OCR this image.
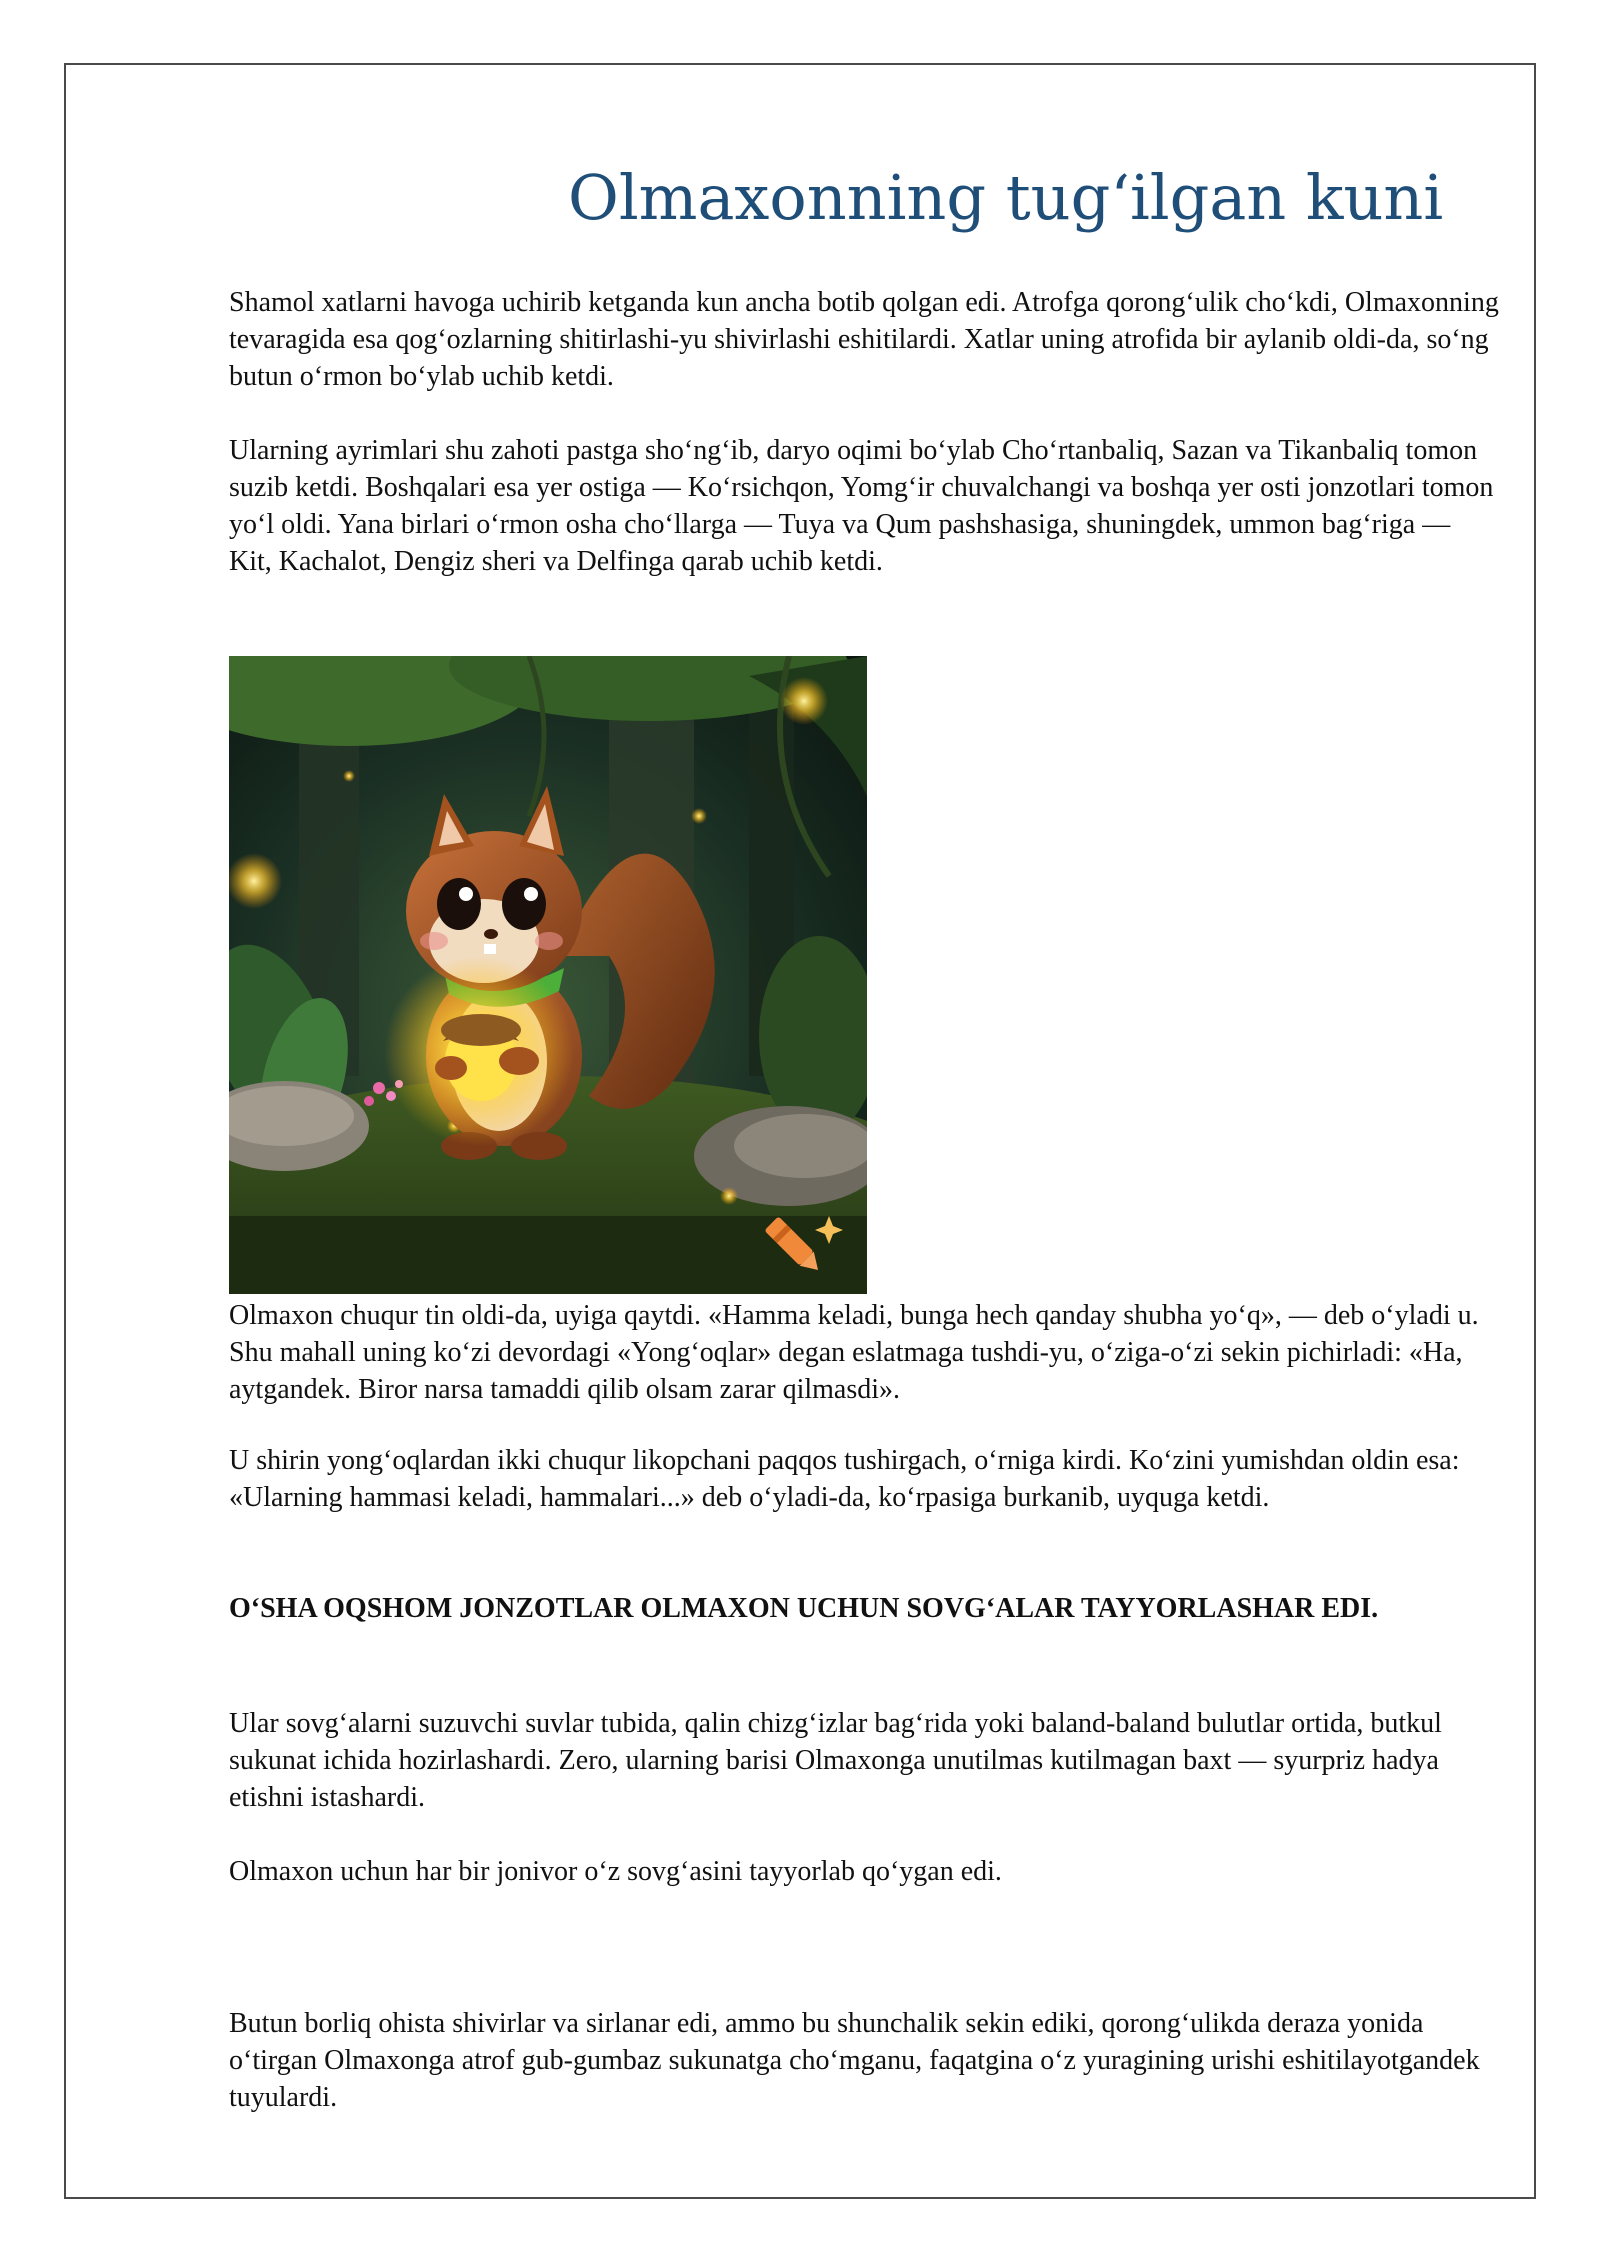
Olmaxonning tug‘ilgan kuni

Shamol xatlarni havoga uchirib ketganda kun ancha botib qolgan edi. Atrofga qorong‘ulik cho‘kdi, Olmaxonning tevaragida esa qog‘ozlarning shitirlashi-yu shivirlashi eshitilardi. Xatlar uning atrofida bir aylanib oldi-da, so‘ng butun o‘rmon bo‘ylab uchib ketdi.

Ularning ayrimlari shu zahoti pastga sho‘ng‘ib, daryo oqimi bo‘ylab Cho‘rtanbaliq, Sazan va Tikanbaliq tomon suzib ketdi. Boshqalari esa yer ostiga — Ko‘rsichqon, Yomg‘ir chuvalchangi va boshqa yer osti jonzotlari tomon yo‘l oldi. Yana birlari o‘rmon osha cho‘llarga — Tuya va Qum pashshasiga, shuningdek, ummon bag‘riga — Kit, Kachalot, Dengiz sheri va Delfinga qarab uchib ketdi.

Olmaxon chuqur tin oldi-da, uyiga qaytdi. «Hamma keladi, bunga hech qanday shubha yo‘q», — deb o‘yladi u. Shu mahall uning ko‘zi devordagi «Yong‘oqlar» degan eslatmaga tushdi-yu, o‘ziga-o‘zi sekin pichirladi: «Ha, aytgandek. Biror narsa tamaddi qilib olsam zarar qilmasdi».

U shirin yong‘oqlardan ikki chuqur likopchani paqqos tushirgach, o‘rniga kirdi. Ko‘zini yumishdan oldin esa: «Ularning hammasi keladi, hammalari...» deb o‘yladi-da, ko‘rpasiga burkanib, uyquga ketdi.

O‘SHA OQSHOM JONZOTLAR OLMAXON UCHUN SOVG‘ALAR TAYYORLASHAR EDI.

Ular sovg‘alarni suzuvchi suvlar tubida, qalin chizg‘izlar bag‘rida yoki baland-baland bulutlar ortida, butkul sukunat ichida hozirlashardi. Zero, ularning barisi Olmaxonga unutilmas kutilmagan baxt — syurpriz hadya etishni istashardi.

Olmaxon uchun har bir jonivor o‘z sovg‘asini tayyorlab qo‘ygan edi.

Butun borliq ohista shivirlar va sirlanar edi, ammo bu shunchalik sekin ediki, qorong‘ulikda deraza yonida o‘tirgan Olmaxonga atrof gub-gumbaz sukunatga cho‘mganu, faqatgina o‘z yuragining urishi eshitilayotgandek tuyulardi.
